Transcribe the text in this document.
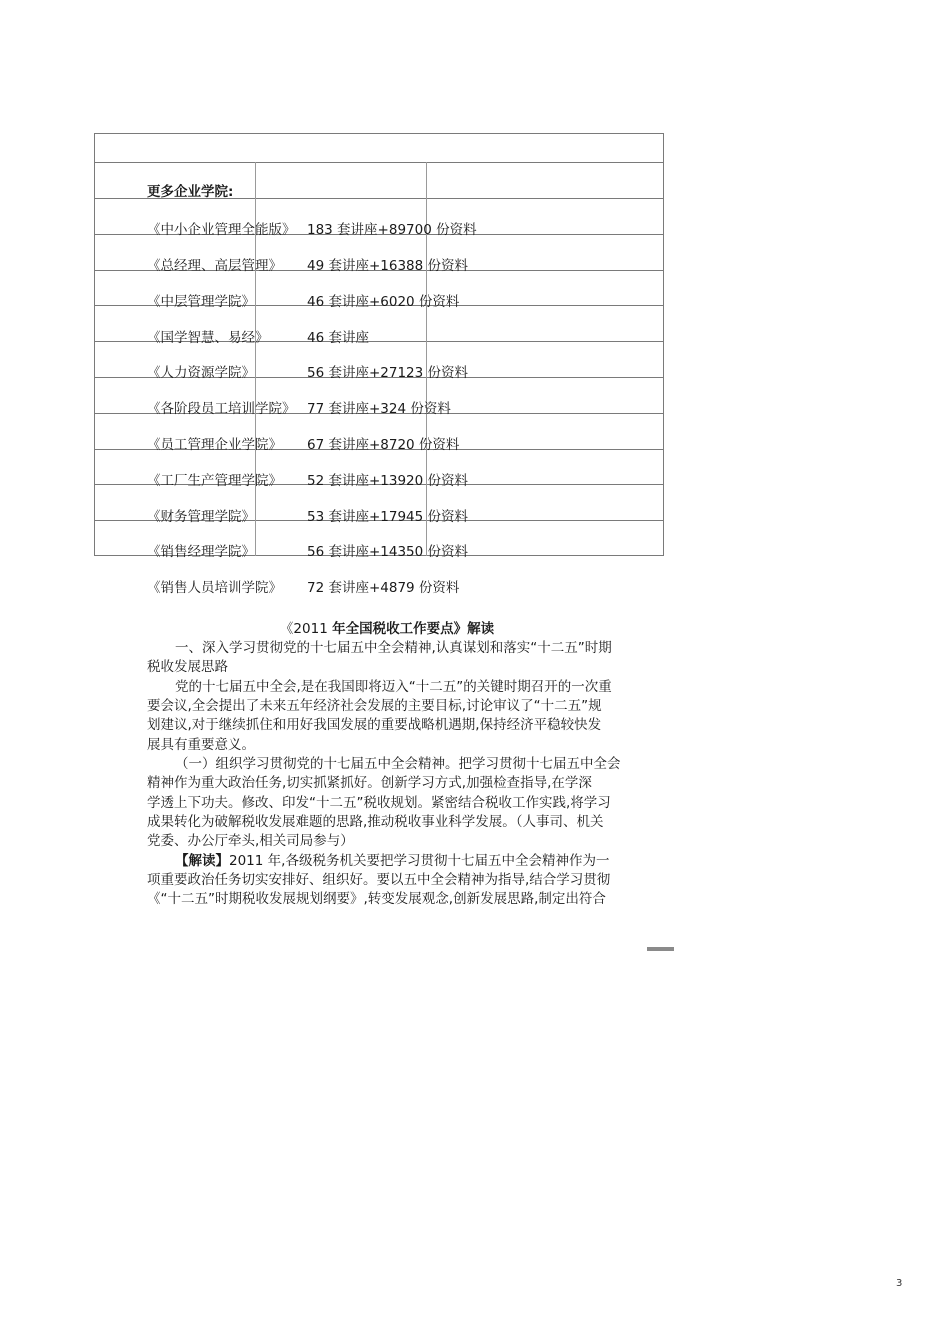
更多企业学院:
《中小企业管理全能版》 183 套讲座+89700 份资料
《总经理、高层管理》 49 套讲座+16388 份资料
《中层管理学院》	46 套讲座+6020 份资料
《国学智慧、易经》	46 套讲座
《人力资源学院》	56 套讲座+27123 份资料
《各阶段员工培训学院》 77 套讲座+324 份资料
《员工管理企业学院》 67 套讲座+8720 份资料
《工厂生产管理学院》 52 套讲座+13920 份资料
《财务管理学院》	53 套讲座+17945 份资料
《销售经理学院》	56 套讲座+14350 份资料
《销售人员培训学院》 72 套讲座+4879 份资料
《2011 年全国税收工作要点》解读
一、深入学习贯彻党的十七届五中全会精神,认真谋划和落实“十二五”时期
税收发展思路
党的十七届五中全会,是在我国即将迈入“十二五”的关键时期召开的一次重
要会议,全会提出了未来五年经济社会发展的主要目标,讨论审议了“十二五”规
划建议,对于继续抓住和用好我国发展的重要战略机遇期,保持经济平稳较快发
展具有重要意义。
（一）组织学习贯彻党的十七届五中全会精神。把学习贯彻十七届五中全会
精神作为重大政治任务,切实抓紧抓好。创新学习方式,加强检查指导,在学深
学透上下功夫。修改、印发“十二五”税收规划。紧密结合税收工作实践,将学习
成果转化为破解税收发展难题的思路,推动税收事业科学发展。（人事司、机关
党委、办公厅牵头,相关司局参与）
【解读】2011 年,各级税务机关要把学习贯彻十七届五中全会精神作为一
项重要政治任务切实安排好、组织好。要以五中全会精神为指导,结合学习贯彻
《“十二五”时期税收发展规划纲要》,转变发展观念,创新发展思路,制定出符合
3
